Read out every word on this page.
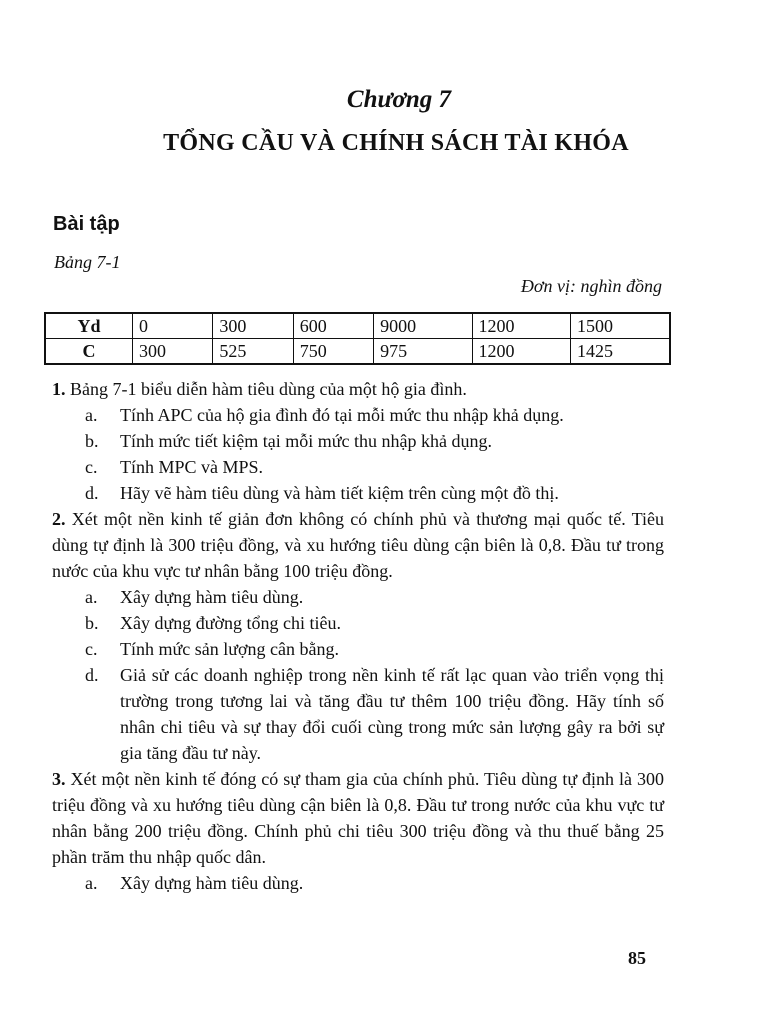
Chương 7
TỔNG CẦU VÀ CHÍNH SÁCH TÀI KHÓA
Bài tập
Bảng 7-1
Đơn vị: nghìn đồng
Yd	0	300	600	9000	1200	1500
C	300	525	750	975	1200	1425

1. Bảng 7-1 biểu diễn hàm tiêu dùng của một hộ gia đình.

a. Tính APC của hộ gia đình đó tại mỗi mức thu nhập khả dụng.

b. Tính mức tiết kiệm tại mỗi mức thu nhập khả dụng.

c. Tính MPC và MPS.

d. Hãy vẽ hàm tiêu dùng và hàm tiết kiệm trên cùng một đồ thị.

2. Xét một nền kinh tế giản đơn không có chính phủ và thương mại quốc tế. Tiêu dùng tự định là 300 triệu đồng, và xu hướng tiêu dùng cận biên là 0,8. Đầu tư trong nước của khu vực tư nhân bằng 100 triệu đồng.

a. Xây dựng hàm tiêu dùng.

b. Xây dựng đường tổng chi tiêu.

c. Tính mức sản lượng cân bằng.

d. Giả sử các doanh nghiệp trong nền kinh tế rất lạc quan vào triển vọng thị trường trong tương lai và tăng đầu tư thêm 100 triệu đồng. Hãy tính số nhân chi tiêu và sự thay đổi cuối cùng trong mức sản lượng gây ra bởi sự gia tăng đầu tư này.

3. Xét một nền kinh tế đóng có sự tham gia của chính phủ. Tiêu dùng tự định là 300 triệu đồng và xu hướng tiêu dùng cận biên là 0,8. Đầu tư trong nước của khu vực tư nhân bằng 200 triệu đồng. Chính phủ chi tiêu 300 triệu đồng và thu thuế bằng 25 phần trăm thu nhập quốc dân.

a. Xây dựng hàm tiêu dùng.

85
